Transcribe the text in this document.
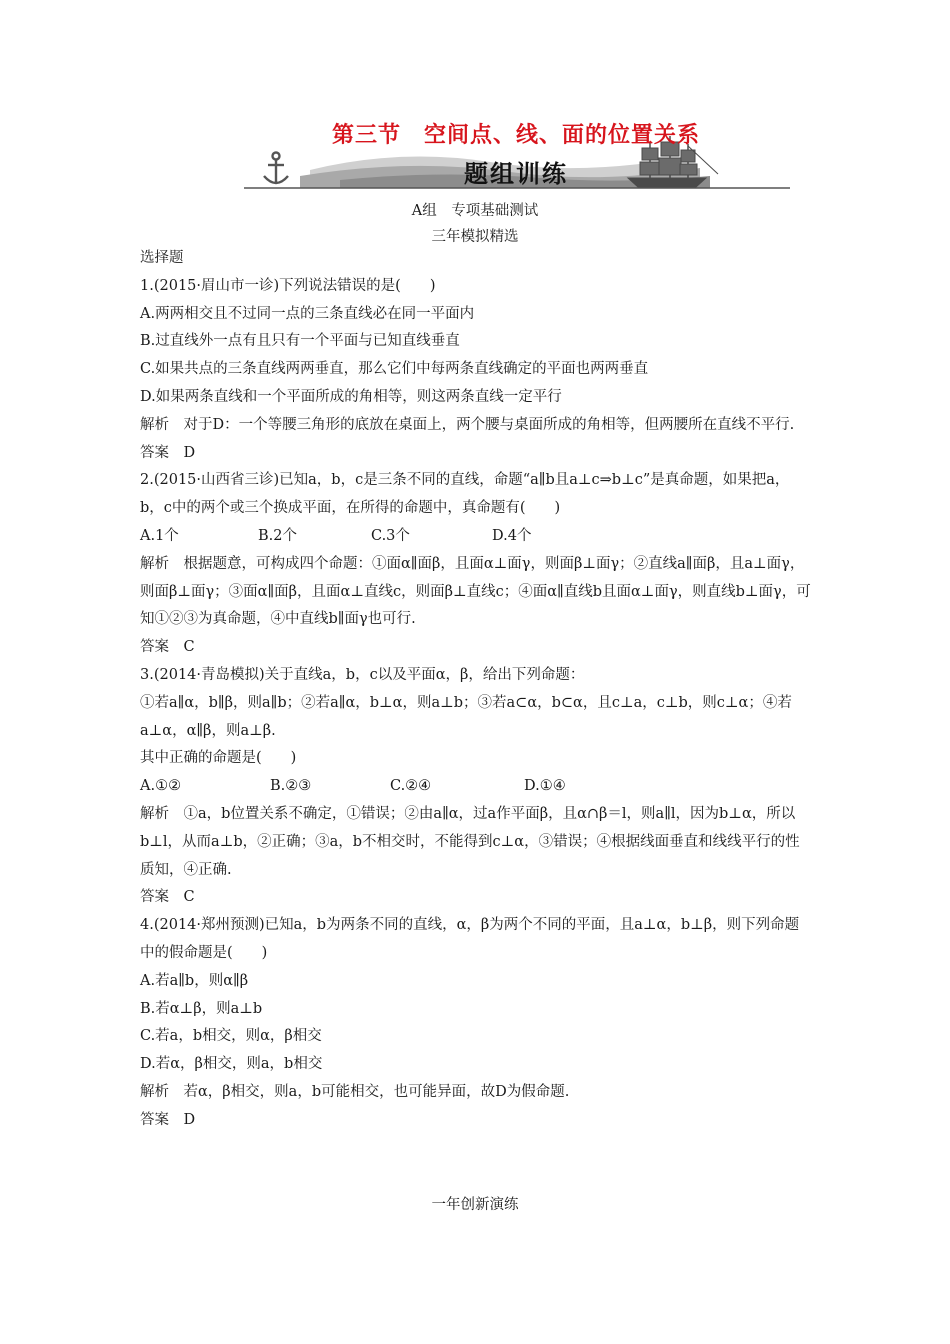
第三节　空间点、线、面的位置关系
题组训练
A组　专项基础测试
三年模拟精选

选择题

1.(2015·眉山市一诊)下列说法错误的是(　　)

A.两两相交且不过同一点的三条直线必在同一平面内

B.过直线外一点有且只有一个平面与已知直线垂直

C.如果共点的三条直线两两垂直，那么它们中每两条直线确定的平面也两两垂直

D.如果两条直线和一个平面所成的角相等，则这两条直线一定平行

解析　对于D：一个等腰三角形的底放在桌面上，两个腰与桌面所成的角相等，但两腰所在直线不平行.

答案　D

2.(2015·山西省三诊)已知a，b，c是三条不同的直线，命题“a∥b且a⊥c⇒b⊥c”是真命题，如果把a，b，c中的两个或三个换成平面，在所得的命题中，真命题有(　　)

A.1个	B.2个	C.3个	D.4个

解析　根据题意，可构成四个命题：①面α∥面β，且面α⊥面γ，则面β⊥面γ；②直线a∥面β，且a⊥面γ，则面β⊥面γ；③面α∥面β，且面α⊥直线c，则面β⊥直线c；④面α∥直线b且面α⊥面γ，则直线b⊥面γ，可知①②③为真命题，④中直线b∥面γ也可行.

答案　C

3.(2014·青岛模拟)关于直线a，b，c以及平面α，β，给出下列命题：

①若a∥α，b∥β，则a∥b；②若a∥α，b⊥α，则a⊥b；③若a⊂α，b⊂α，且c⊥a，c⊥b，则c⊥α；④若a⊥α，α∥β，则a⊥β.

其中正确的命题是(　　)

A.①②	B.②③	C.②④	D.①④

解析　①a，b位置关系不确定，①错误；②由a∥α，过a作平面β，且α∩β＝l，则a∥l，因为b⊥α，所以b⊥l，从而a⊥b，②正确；③a，b不相交时，不能得到c⊥α，③错误；④根据线面垂直和线线平行的性质知，④正确.

答案　C

4.(2014·郑州预测)已知a，b为两条不同的直线，α，β为两个不同的平面，且a⊥α，b⊥β，则下列命题中的假命题是(　　)

A.若a∥b，则α∥β

B.若α⊥β，则a⊥b

C.若a，b相交，则α，β相交

D.若α，β相交，则a，b相交

解析　若α，β相交，则a，b可能相交，也可能异面，故D为假命题.

答案　D

一年创新演练
